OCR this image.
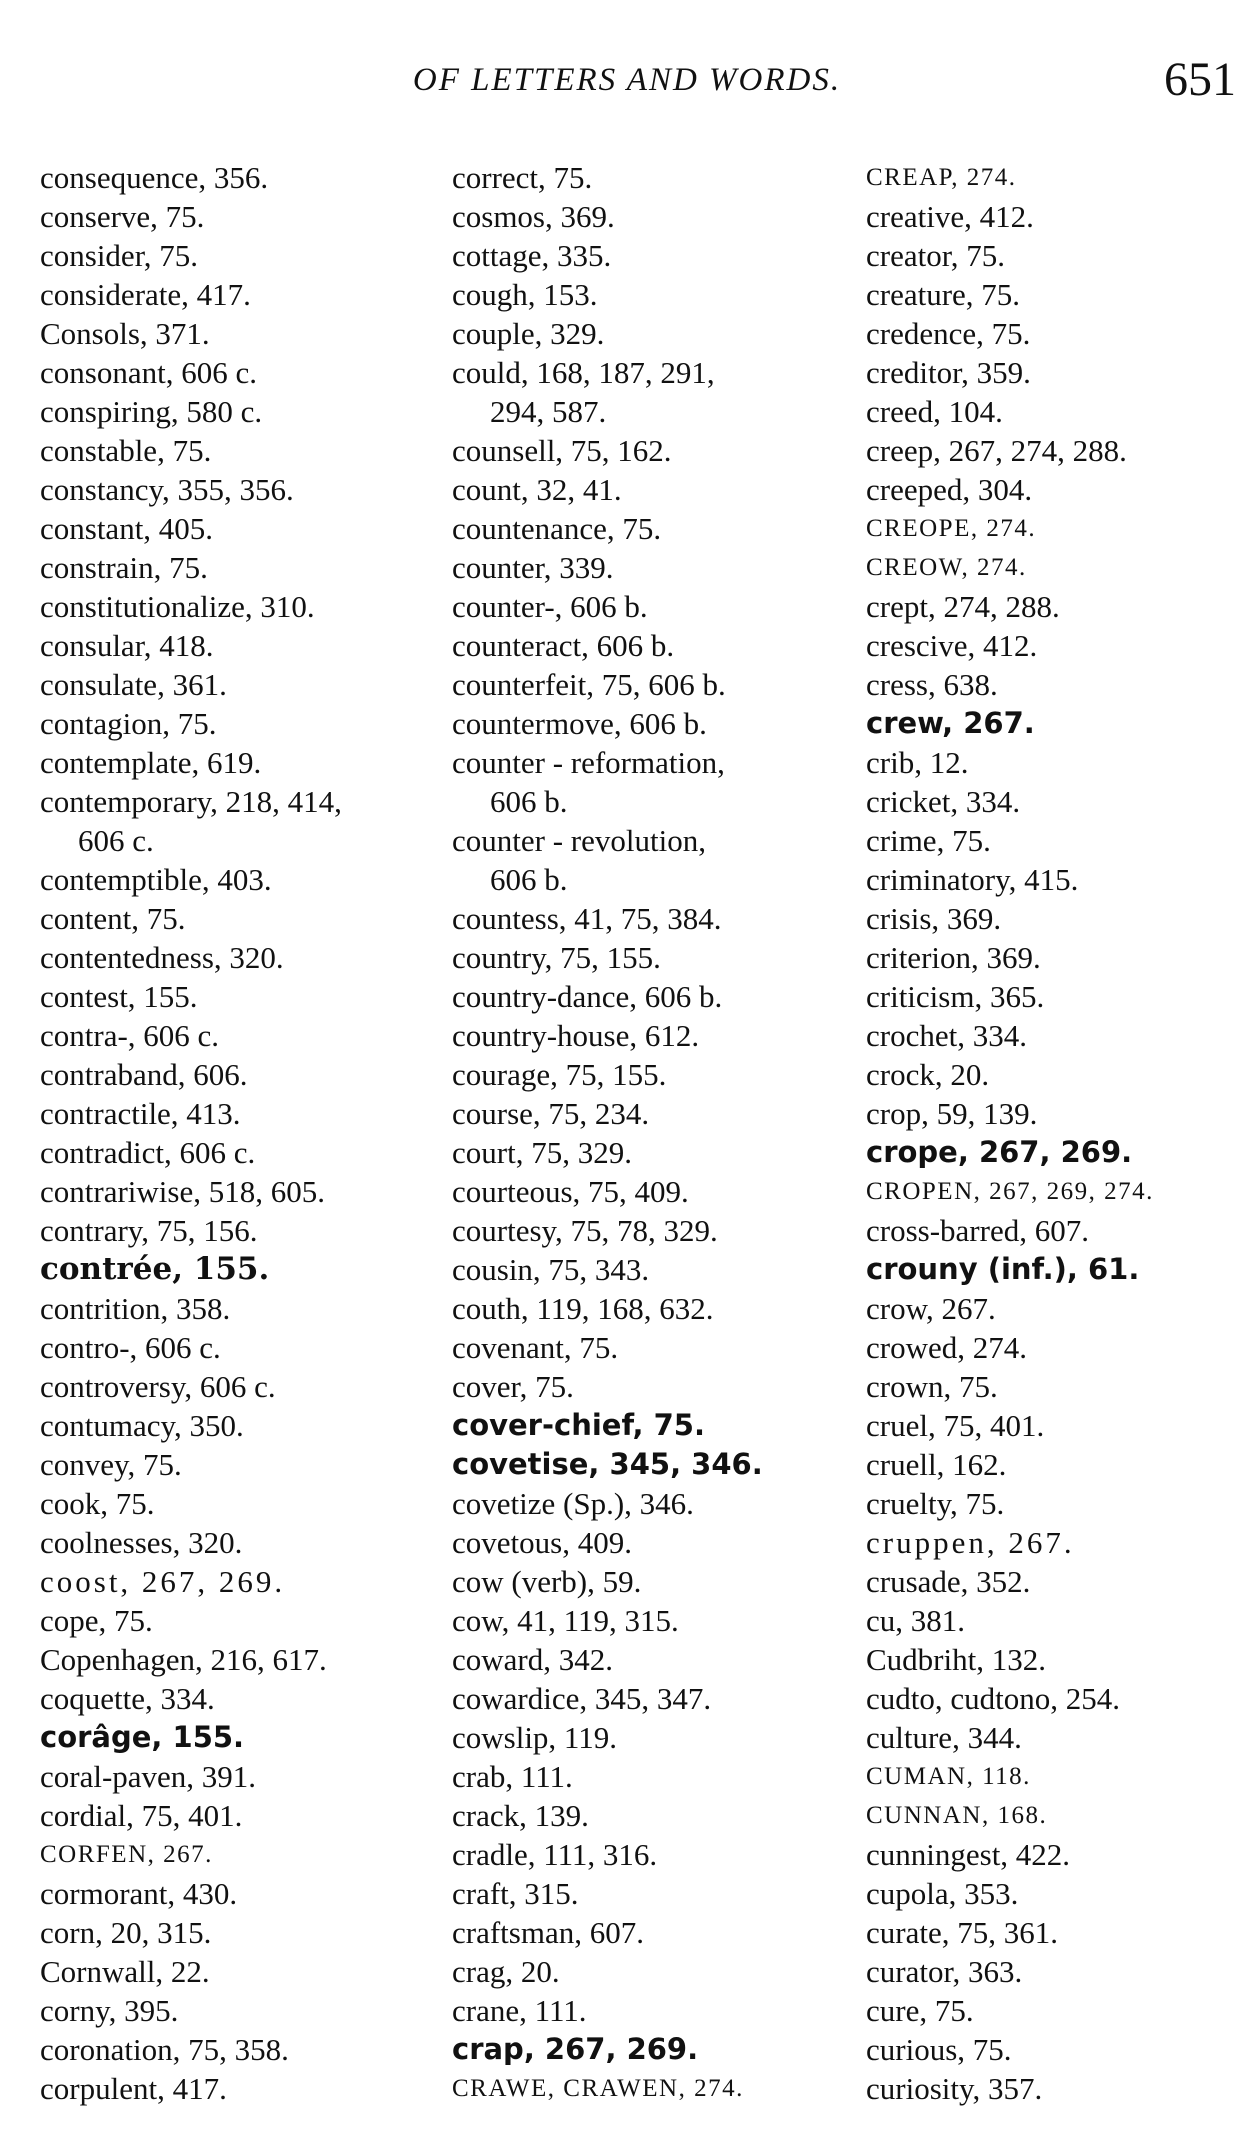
OF LETTERS AND WORDS.	651
consequence, 356.
conserve, 75.
consider, 75.
considerate, 417.
Consols, 371.
consonant, 606 c.
conspiring, 580 c.
constable, 75.
constancy, 355, 356.
constant, 405.
constrain, 75.
constitutionalize, 310.
consular, 418.
consulate, 361.
contagion, 75.
contemplate, 619.
contemporary, 218, 414,
606 c.
contemptible, 403.
content, 75.
contentedness, 320.
contest, 155.
contra-, 606 c.
contraband, 606.
contractile, 413.
contradict, 606 c.
contrariwise, 518, 605.
contrary, 75, 156.
contrée, 155.
contrition, 358.
contro-, 606 c.
controversy, 606 c.
contumacy, 350.
convey, 75.
cook, 75.
coolnesses, 320.
coost, 267, 269.
cope, 75.
Copenhagen, 216, 617.
coquette, 334.
corâge, 155.
coral-paven, 391.
cordial, 75, 401.
CORFEN, 267.
cormorant, 430.
corn, 20, 315.
Cornwall, 22.
corny, 395.
coronation, 75, 358.
corpulent, 417.
correct, 75.
cosmos, 369.
cottage, 335.
cough, 153.
couple, 329.
could, 168, 187, 291,
294, 587.
counsell, 75, 162.
count, 32, 41.
countenance, 75.
counter, 339.
counter-, 606 b.
counteract, 606 b.
counterfeit, 75, 606 b.
countermove, 606 b.
counter - reformation,
606 b.
counter - revolution,
606 b.
countess, 41, 75, 384.
country, 75, 155.
country-dance, 606 b.
country-house, 612.
courage, 75, 155.
course, 75, 234.
court, 75, 329.
courteous, 75, 409.
courtesy, 75, 78, 329.
cousin, 75, 343.
couth, 119, 168, 632.
covenant, 75.
cover, 75.
cover-chief, 75.
covetise, 345, 346.
covetize (Sp.), 346.
covetous, 409.
cow (verb), 59.
cow, 41, 119, 315.
coward, 342.
cowardice, 345, 347.
cowslip, 119.
crab, 111.
crack, 139.
cradle, 111, 316.
craft, 315.
craftsman, 607.
crag, 20.
crane, 111.
crap, 267, 269.
CRAWE, CRAWEN, 274.
CREAP, 274.
creative, 412.
creator, 75.
creature, 75.
credence, 75.
creditor, 359.
creed, 104.
creep, 267, 274, 288.
creeped, 304.
CREOPE, 274.
CREOW, 274.
crept, 274, 288.
crescive, 412.
cress, 638.
crew, 267.
crib, 12.
cricket, 334.
crime, 75.
criminatory, 415.
crisis, 369.
criterion, 369.
criticism, 365.
crochet, 334.
crock, 20.
crop, 59, 139.
crope, 267, 269.
CROPEN, 267, 269, 274.
cross-barred, 607.
crouny (inf.), 61.
crow, 267.
crowed, 274.
crown, 75.
cruel, 75, 401.
cruell, 162.
cruelty, 75.
cruppen, 267.
crusade, 352.
cu, 381.
Cudbriht, 132.
cudto, cudtono, 254.
culture, 344.
CUMAN, 118.
CUNNAN, 168.
cunningest, 422.
cupola, 353.
curate, 75, 361.
curator, 363.
cure, 75.
curious, 75.
curiosity, 357.
